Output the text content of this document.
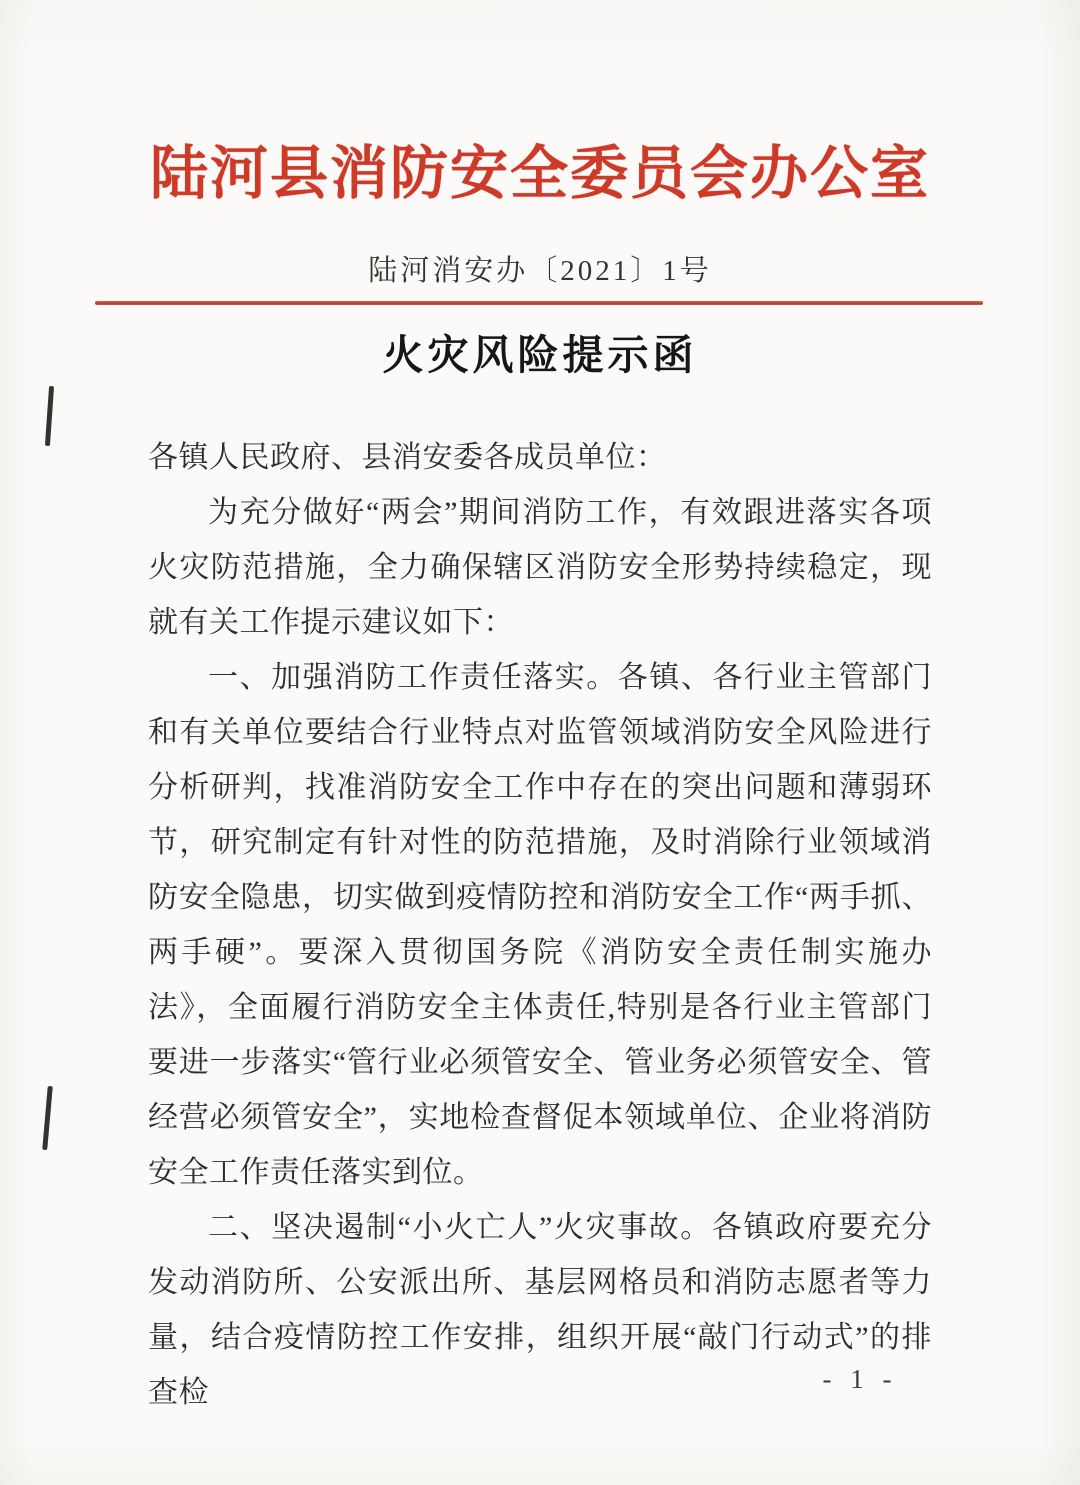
陆河县消防安全委员会办公室
陆河消安办〔2021〕1号
火灾风险提示函

各镇人民政府、县消安委各成员单位：

为充分做好“两会”期间消防工作，有效跟进落实各项火灾防范措施，全力确保辖区消防安全形势持续稳定，现就有关工作提示建议如下：

一、加强消防工作责任落实。各镇、各行业主管部门和有关单位要结合行业特点对监管领域消防安全风险进行分析研判，找准消防安全工作中存在的突出问题和薄弱环节，研究制定有针对性的防范措施，及时消除行业领域消防安全隐患，切实做到疫情防控和消防安全工作“两手抓、两手硬”。要深入贯彻国务院《消防安全责任制实施办法》，全面履行消防安全主体责任,特别是各行业主管部门要进一步落实“管行业必须管安全、管业务必须管安全、管经营必须管安全”，实地检查督促本领域单位、企业将消防安全工作责任落实到位。

二、坚决遏制“小火亡人”火灾事故。各镇政府要充分发动消防所、公安派出所、基层网格员和消防志愿者等力量，结合疫情防控工作安排，组织开展“敲门行动式”的排查检	- 1 -
